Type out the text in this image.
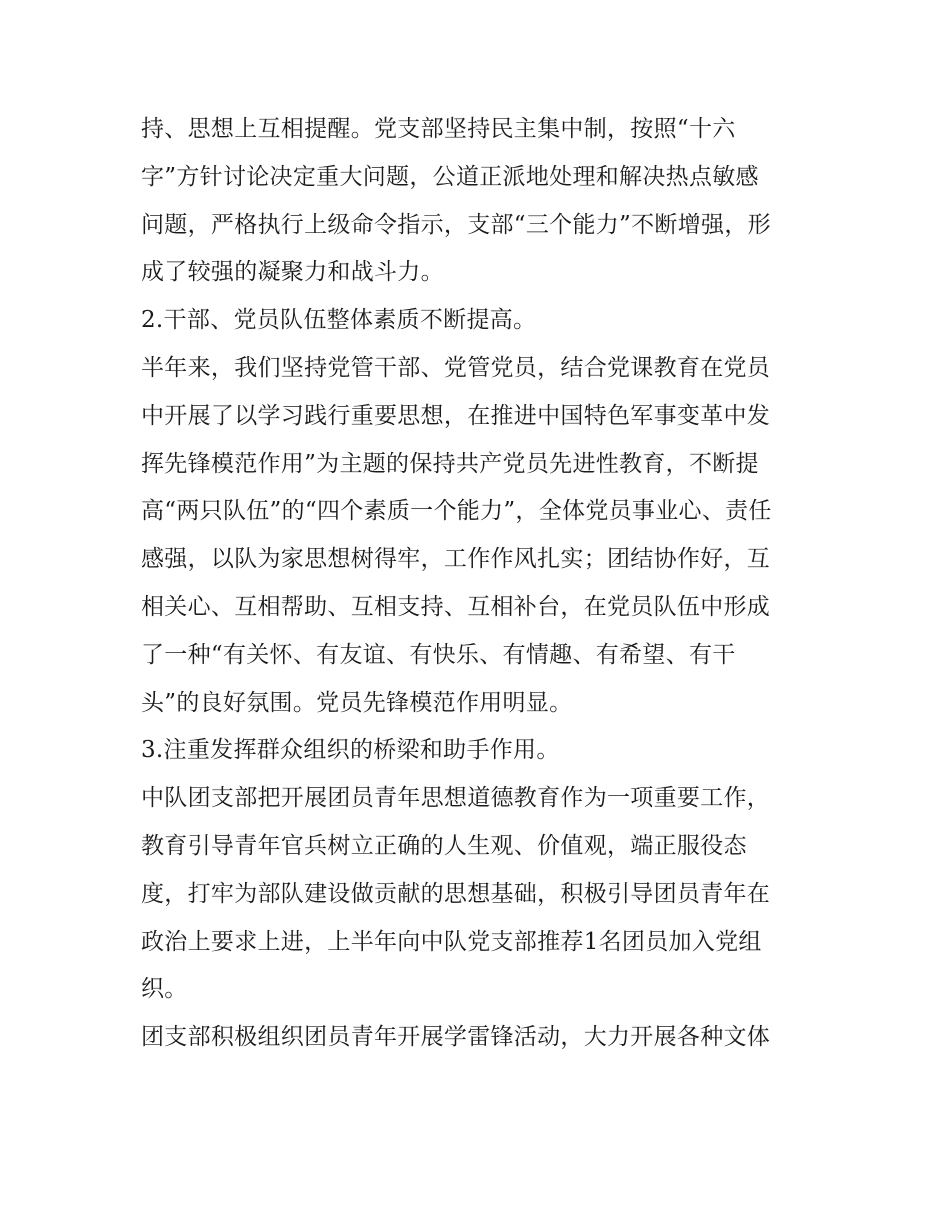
持、思想上互相提醒。党支部坚持民主集中制，按照“十六
字”方针讨论决定重大问题，公道正派地处理和解决热点敏感
问题，严格执行上级命令指示，支部“三个能力”不断增强，形
成了较强的凝聚力和战斗力。
2.干部、党员队伍整体素质不断提高。
半年来，我们坚持党管干部、党管党员，结合党课教育在党员
中开展了以学习践行重要思想，在推进中国特色军事变革中发
挥先锋模范作用”为主题的保持共产党员先进性教育，不断提
高“两只队伍”的“四个素质一个能力”，全体党员事业心、责任
感强，以队为家思想树得牢，工作作风扎实；团结协作好，互
相关心、互相帮助、互相支持、互相补台，在党员队伍中形成
了一种“有关怀、有友谊、有快乐、有情趣、有希望、有干
头”的良好氛围。党员先锋模范作用明显。
3.注重发挥群众组织的桥梁和助手作用。
中队团支部把开展团员青年思想道德教育作为一项重要工作，
教育引导青年官兵树立正确的人生观、价值观，端正服役态
度，打牢为部队建设做贡献的思想基础，积极引导团员青年在
政治上要求上进，上半年向中队党支部推荐1名团员加入党组
织。
团支部积极组织团员青年开展学雷锋活动，大力开展各种文体
